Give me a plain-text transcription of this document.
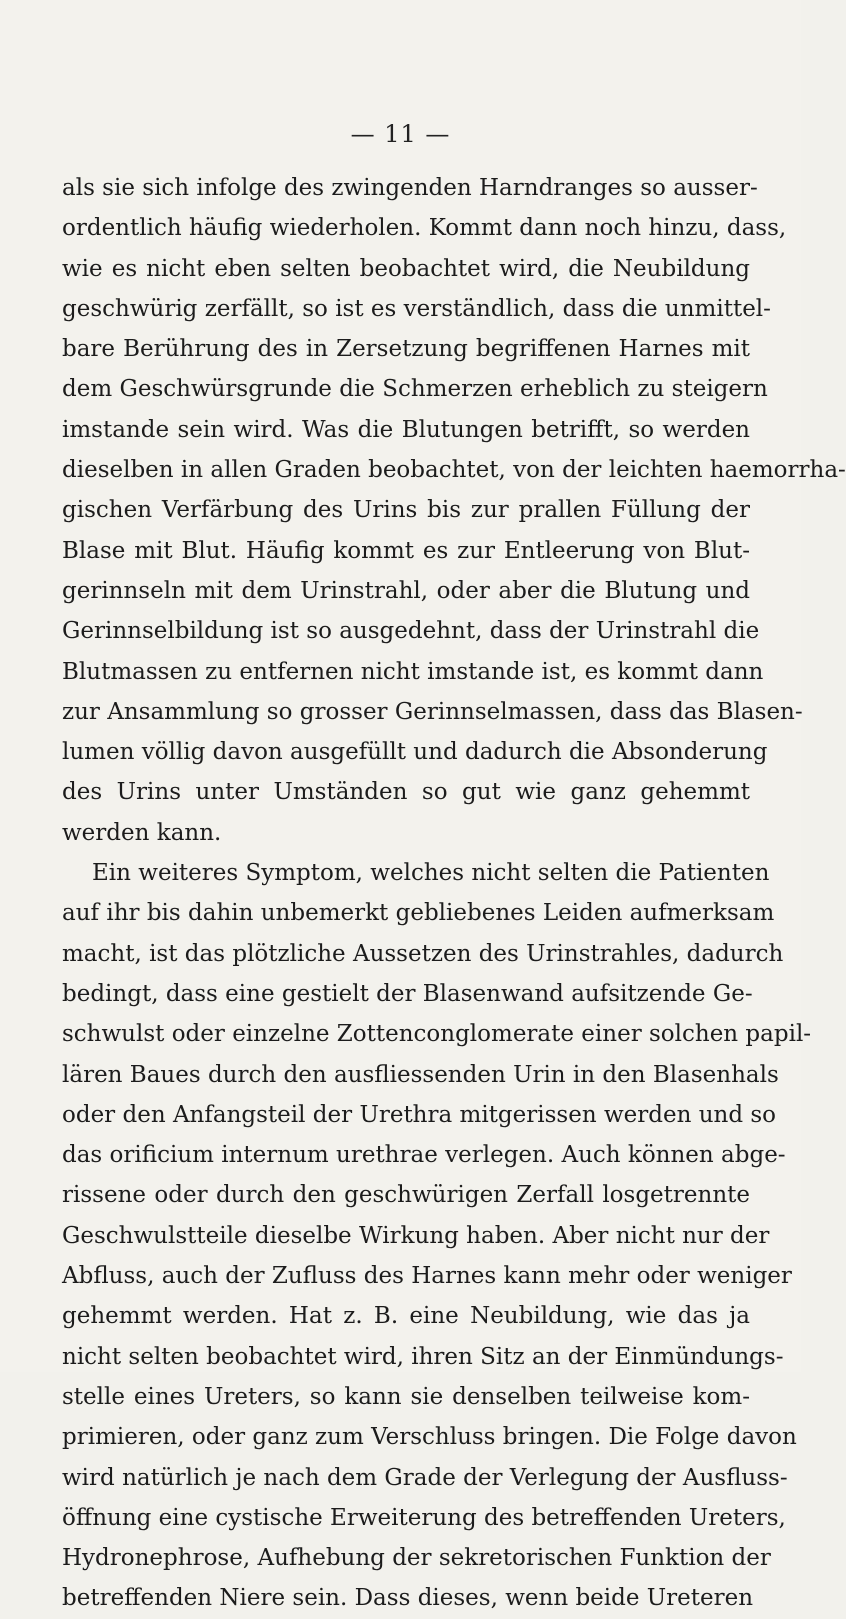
— 11 —
als sie sich infolge des zwingenden Harndranges so ausser-
ordentlich häufig wiederholen. Kommt dann noch hinzu, dass,
wie es nicht eben selten beobachtet wird, die Neubildung
geschwürig zerfällt, so ist es verständlich, dass die unmittel-
bare Berührung des in Zersetzung begriffenen Harnes mit
dem Geschwürsgrunde die Schmerzen erheblich zu steigern
imstande sein wird. Was die Blutungen betrifft, so werden
dieselben in allen Graden beobachtet, von der leichten haemorrha-
gischen Verfärbung des Urins bis zur prallen Füllung der
Blase mit Blut. Häufig kommt es zur Entleerung von Blut-
gerinnseln mit dem Urinstrahl, oder aber die Blutung und
Gerinnselbildung ist so ausgedehnt, dass der Urinstrahl die
Blutmassen zu entfernen nicht imstande ist, es kommt dann
zur Ansammlung so grosser Gerinnselmassen, dass das Blasen-
lumen völlig davon ausgefüllt und dadurch die Absonderung
des Urins unter Umständen so gut wie ganz gehemmt
werden kann.
Ein weiteres Symptom, welches nicht selten die Patienten
auf ihr bis dahin unbemerkt gebliebenes Leiden aufmerksam
macht, ist das plötzliche Aussetzen des Urinstrahles, dadurch
bedingt, dass eine gestielt der Blasenwand aufsitzende Ge-
schwulst oder einzelne Zottenconglomerate einer solchen papil-
lären Baues durch den ausfliessenden Urin in den Blasenhals
oder den Anfangsteil der Urethra mitgerissen werden und so
das orificium internum urethrae verlegen. Auch können abge-
rissene oder durch den geschwürigen Zerfall losgetrennte
Geschwulstteile dieselbe Wirkung haben. Aber nicht nur der
Abfluss, auch der Zufluss des Harnes kann mehr oder weniger
gehemmt werden. Hat z. B. eine Neubildung, wie das ja
nicht selten beobachtet wird, ihren Sitz an der Einmündungs-
stelle eines Ureters, so kann sie denselben teilweise kom-
primieren, oder ganz zum Verschluss bringen. Die Folge davon
wird natürlich je nach dem Grade der Verlegung der Ausfluss-
öffnung eine cystische Erweiterung des betreffenden Ureters,
Hydronephrose, Aufhebung der sekretorischen Funktion der
betreffenden Niere sein. Dass dieses, wenn beide Ureteren
